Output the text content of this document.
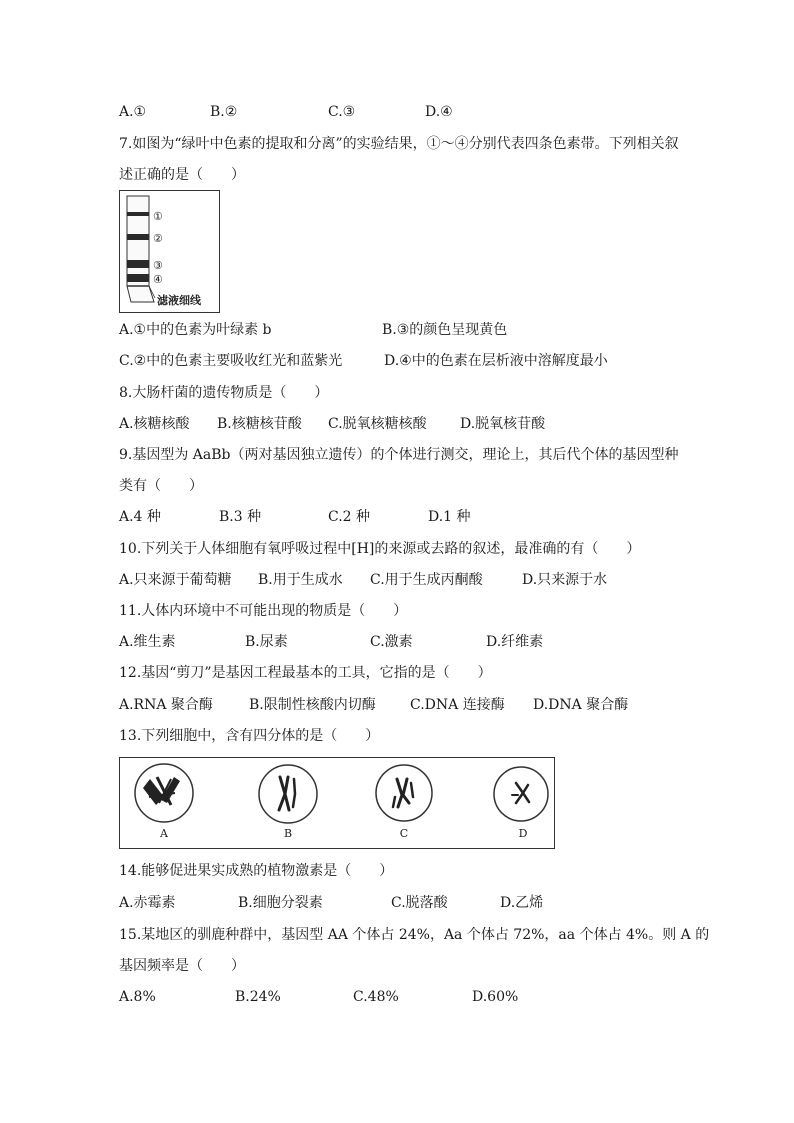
A.①	B.②	C.③	D.④
7.如图为“绿叶中色素的提取和分离”的实验结果，①～④分别代表四条色素带。下列相关叙
述正确的是（　　）
①
②
③
④
滤液细线
A.①中的色素为叶绿素 b	B.③的颜色呈现黄色
C.②中的色素主要吸收红光和蓝紫光	D.④中的色素在层析液中溶解度最小
8.大肠杆菌的遗传物质是（　　）
A.核糖核酸 B.核糖核苷酸 C.脱氧核糖核酸 D.脱氧核苷酸
9.基因型为 AaBb（两对基因独立遗传）的个体进行测交，理论上，其后代个体的基因型种
类有（　　）
A.4 种	B.3 种	C.2 种	D.1 种
10.下列关于人体细胞有氧呼吸过程中[H]的来源或去路的叙述，最准确的有（　　）
A.只来源于葡萄糖 B.用于生成水 C.用于生成丙酮酸	D.只来源于水
11.人体内环境中不可能出现的物质是（　　）
A.维生素	B.尿素	C.激素	D.纤维素
12.基因“剪刀”是基因工程最基本的工具，它指的是（　　）
A.RNA 聚合酶	B.限制性核酸内切酶 C.DNA 连接酶 D.DNA 聚合酶
13.下列细胞中，含有四分体的是（　　）
A	B	C	D
14.能够促进果实成熟的植物激素是（　　）
A.赤霉素	B.细胞分裂素	C.脱落酸	D.乙烯
15.某地区的驯鹿种群中，基因型 AA 个体占 24%，Aa 个体占 72%，aa 个体占 4%。则 A 的
基因频率是（　　）
A.8%	B.24%	C.48%	D.60%
